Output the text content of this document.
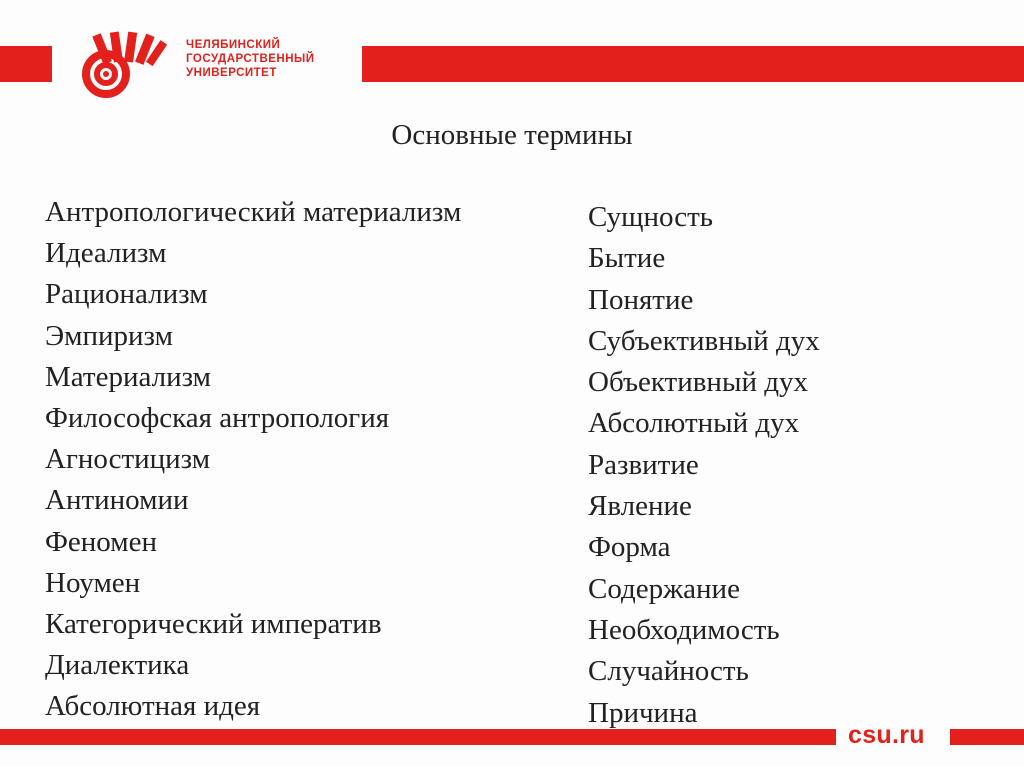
ЧЕЛЯБИНСКИЙ
ГОСУДАРСТВЕННЫЙ
УНИВЕРСИТЕТ
Основные термины
Антропологический материализм
Идеализм
Рационализм
Эмпиризм
Материализм
Философская антропология
Агностицизм
Антиномии
Феномен
Ноумен
Категорический императив
Диалектика
Абсолютная идея
Сущность
Бытие
Понятие
Субъективный дух
Объективный дух
Абсолютный дух
Развитие
Явление
Форма
Содержание
Необходимость
Случайность
Причина
csu.ru
